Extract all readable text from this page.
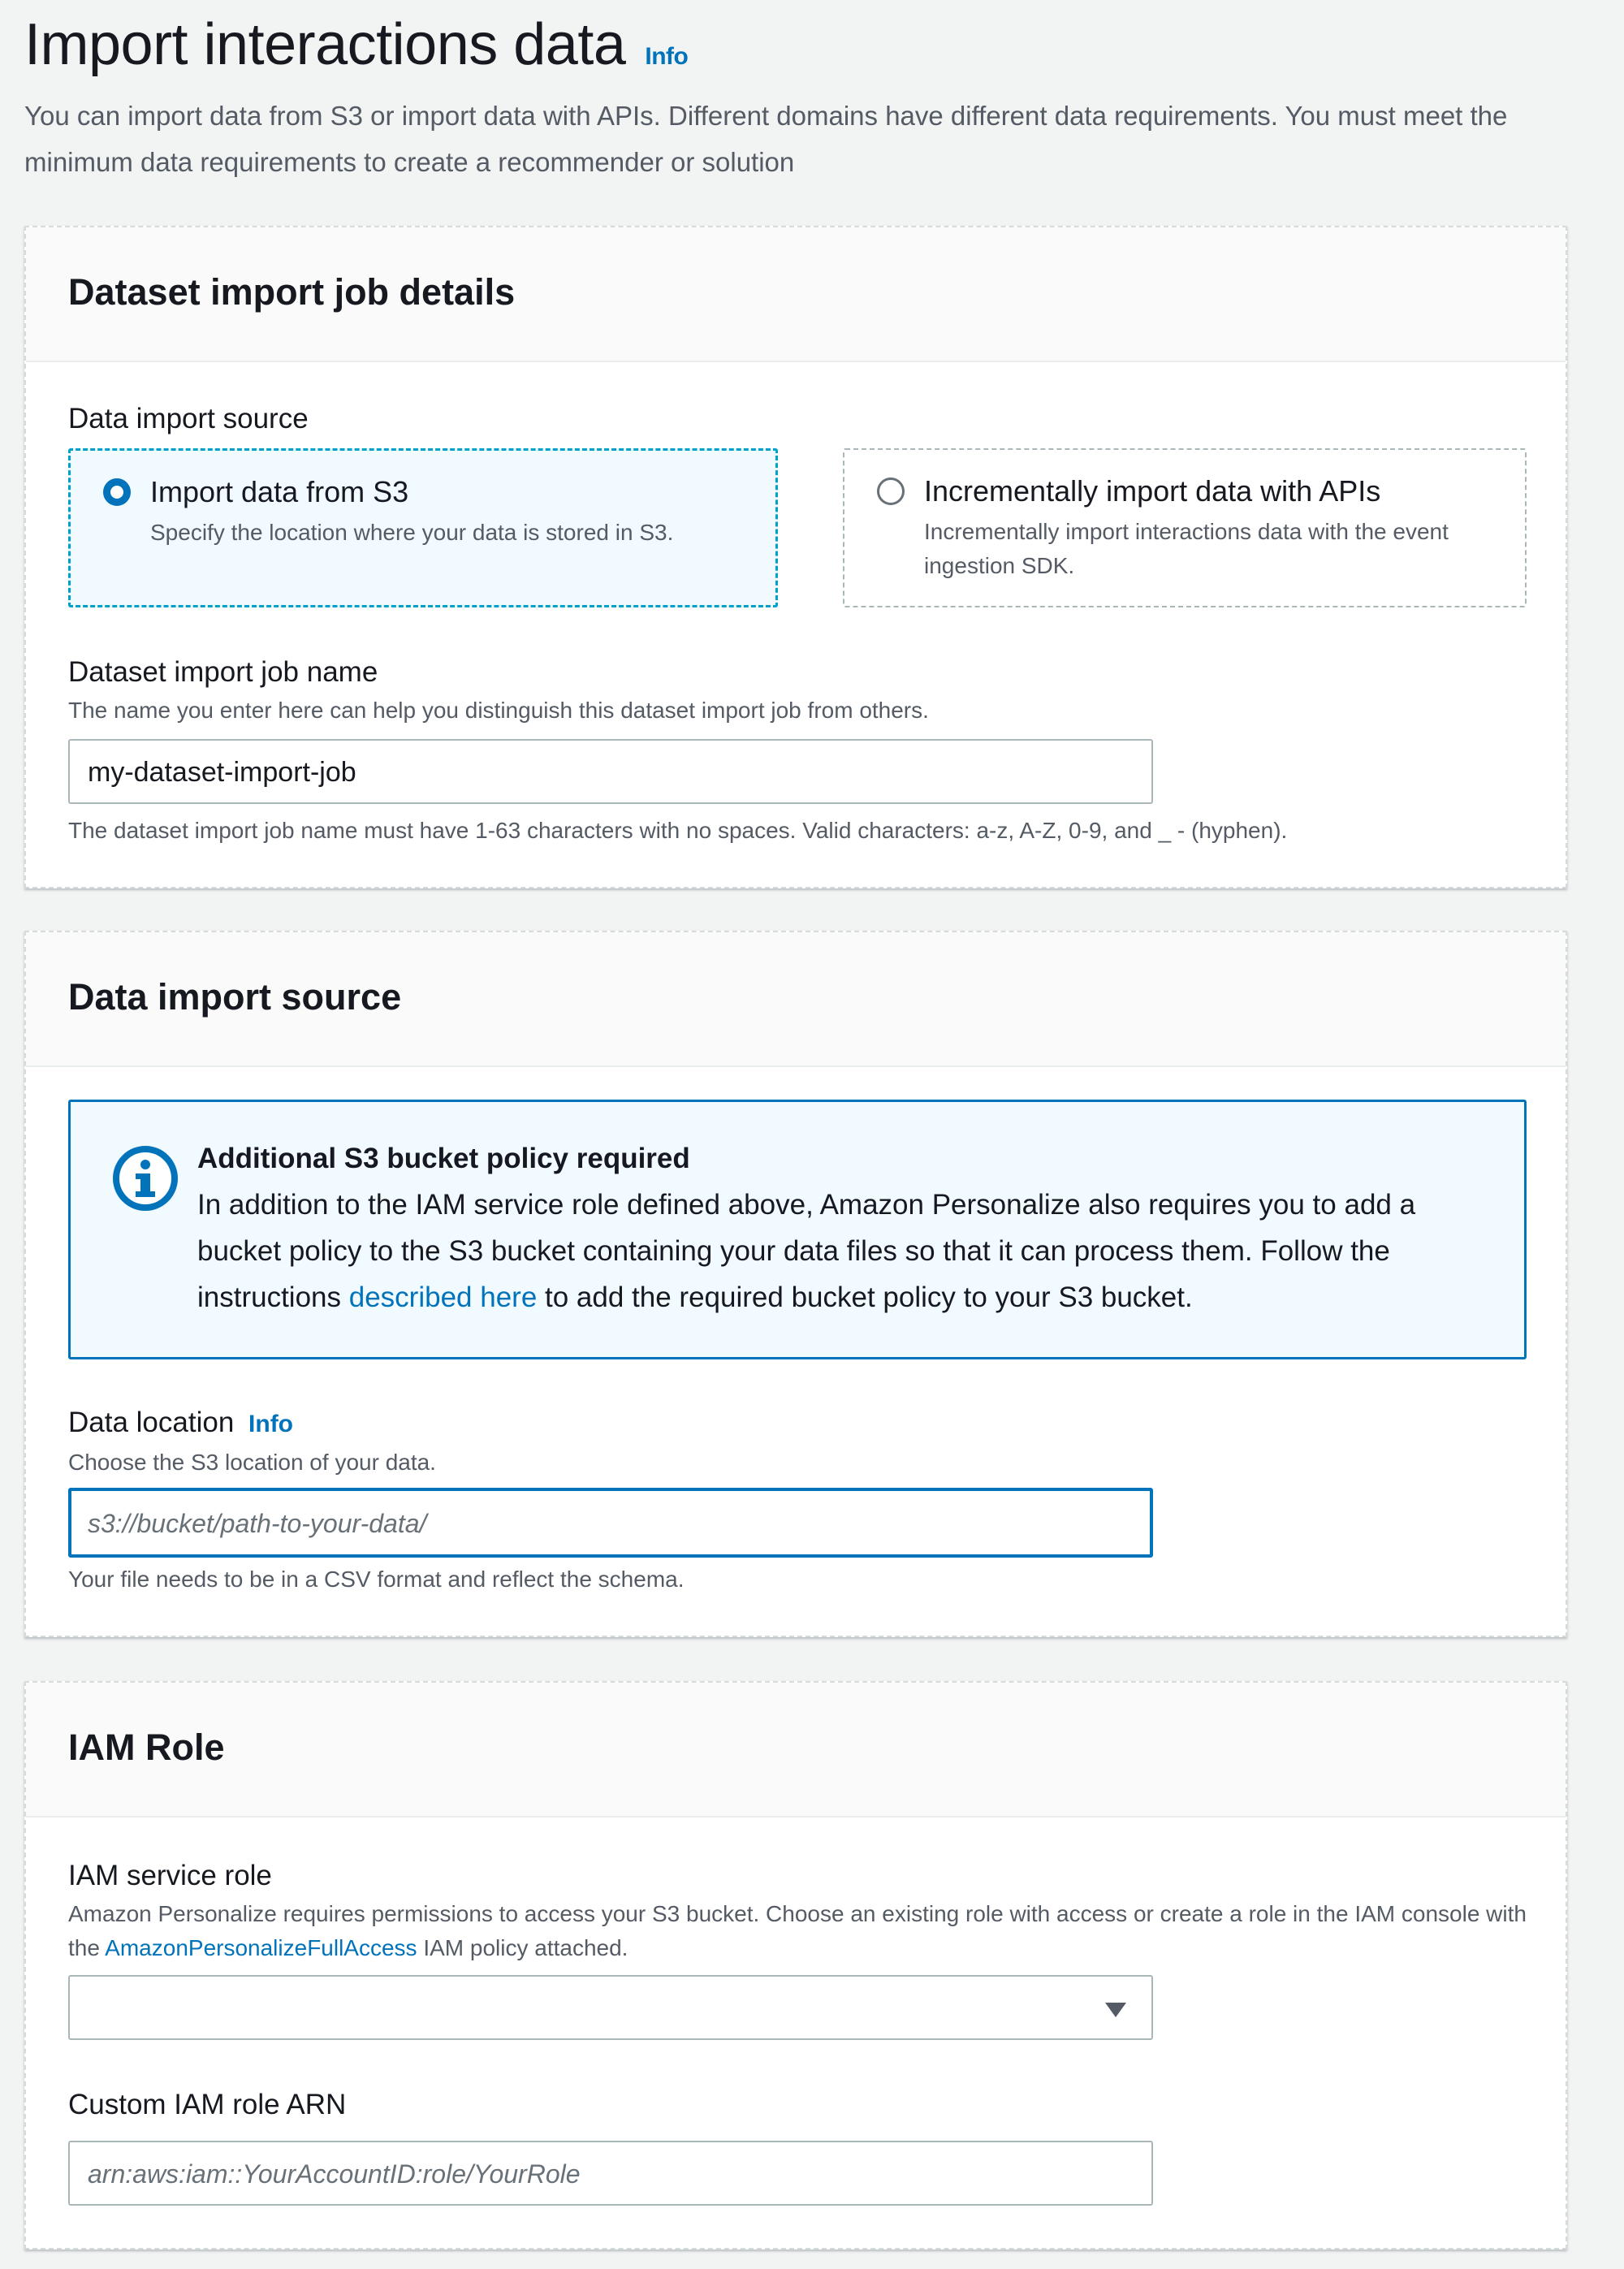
Import interactions data Info
You can import data from S3 or import data with APIs. Different domains have different data requirements. You must meet the minimum data requirements to create a recommender or solution
Dataset import job details
Data import source
Import data from S3
Specify the location where your data is stored in S3.
Incrementally import data with APIs
Incrementally import interactions data with the event ingestion SDK.
Dataset import job name
The name you enter here can help you distinguish this dataset import job from others.
my-dataset-import-job
The dataset import job name must have 1-63 characters with no spaces. Valid characters: a-z, A-Z, 0-9, and _ - (hyphen).
Data import source
Additional S3 bucket policy required
In addition to the IAM service role defined above, Amazon Personalize also requires you to add a bucket policy to the S3 bucket containing your data files so that it can process them. Follow the instructions described here to add the required bucket policy to your S3 bucket.
Data location Info
Choose the S3 location of your data.
s3://bucket/path-to-your-data/
Your file needs to be in a CSV format and reflect the schema.
IAM Role
IAM service role
Amazon Personalize requires permissions to access your S3 bucket. Choose an existing role with access or create a role in the IAM console with the AmazonPersonalizeFullAccess IAM policy attached.
Custom IAM role ARN
arn:aws:iam::YourAccountID:role/YourRole
